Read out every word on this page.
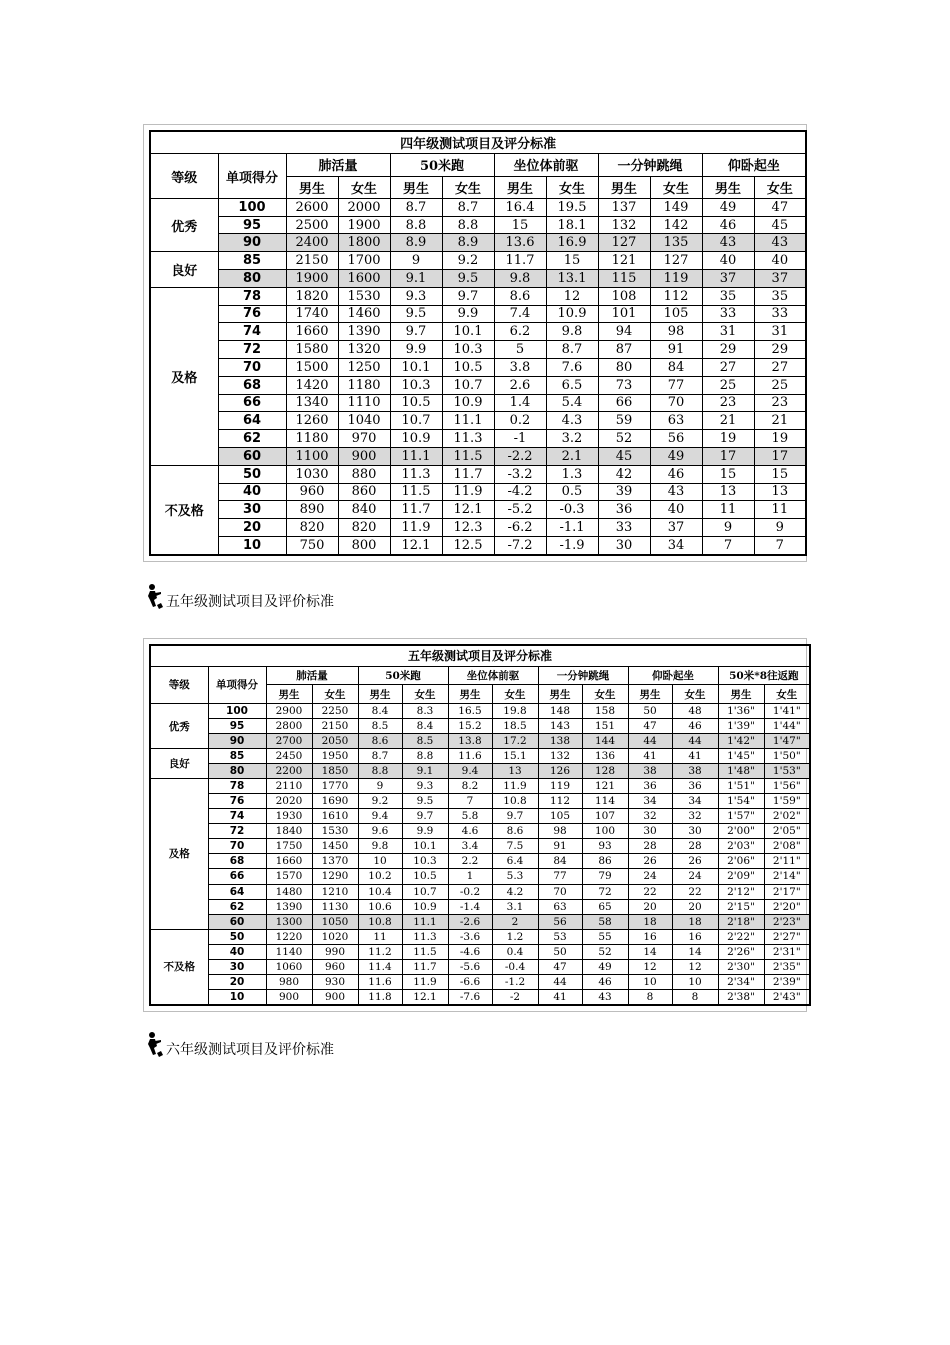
四年级测试项目及评分标准											
等级	单项得分	肺活量		50米跑		坐位体前驱		一分钟跳绳		仰卧起坐	
		男生	女生	男生	女生	男生	女生	男生	女生	男生	女生
优秀	100	2600	2000	8.7	8.7	16.4	19.5	137	149	49	47
	95	2500	1900	8.8	8.8	15	18.1	132	142	46	45
	90	2400	1800	8.9	8.9	13.6	16.9	127	135	43	43
良好	85	2150	1700	9	9.2	11.7	15	121	127	40	40
	80	1900	1600	9.1	9.5	9.8	13.1	115	119	37	37
及格	78	1820	1530	9.3	9.7	8.6	12	108	112	35	35
	76	1740	1460	9.5	9.9	7.4	10.9	101	105	33	33
	74	1660	1390	9.7	10.1	6.2	9.8	94	98	31	31
	72	1580	1320	9.9	10.3	5	8.7	87	91	29	29
	70	1500	1250	10.1	10.5	3.8	7.6	80	84	27	27
	68	1420	1180	10.3	10.7	2.6	6.5	73	77	25	25
	66	1340	1110	10.5	10.9	1.4	5.4	66	70	23	23
	64	1260	1040	10.7	11.1	0.2	4.3	59	63	21	21
	62	1180	970	10.9	11.3	-1	3.2	52	56	19	19
	60	1100	900	11.1	11.5	-2.2	2.1	45	49	17	17
不及格	50	1030	880	11.3	11.7	-3.2	1.3	42	46	15	15
	40	960	860	11.5	11.9	-4.2	0.5	39	43	13	13
	30	890	840	11.7	12.1	-5.2	-0.3	36	40	11	11
	20	820	820	11.9	12.3	-6.2	-1.1	33	37	9	9
	10	750	800	12.1	12.5	-7.2	-1.9	30	34	7	7
五年级测试项目及评价标准
五年级测试项目及评分标准													
等级	单项得分	肺活量		50米跑		坐位体前驱		一分钟跳绳		仰卧起坐		50米*8往返跑	
		男生	女生	男生	女生	男生	女生	男生	女生	男生	女生	男生	女生
优秀	100	2900	2250	8.4	8.3	16.5	19.8	148	158	50	48	1'36"	1'41"
	95	2800	2150	8.5	8.4	15.2	18.5	143	151	47	46	1'39"	1'44"
	90	2700	2050	8.6	8.5	13.8	17.2	138	144	44	44	1'42"	1'47"
良好	85	2450	1950	8.7	8.8	11.6	15.1	132	136	41	41	1'45"	1'50"
	80	2200	1850	8.8	9.1	9.4	13	126	128	38	38	1'48"	1'53"
及格	78	2110	1770	9	9.3	8.2	11.9	119	121	36	36	1'51"	1'56"
	76	2020	1690	9.2	9.5	7	10.8	112	114	34	34	1'54"	1'59"
	74	1930	1610	9.4	9.7	5.8	9.7	105	107	32	32	1'57"	2'02"
	72	1840	1530	9.6	9.9	4.6	8.6	98	100	30	30	2'00"	2'05"
	70	1750	1450	9.8	10.1	3.4	7.5	91	93	28	28	2'03"	2'08"
	68	1660	1370	10	10.3	2.2	6.4	84	86	26	26	2'06"	2'11"
	66	1570	1290	10.2	10.5	1	5.3	77	79	24	24	2'09"	2'14"
	64	1480	1210	10.4	10.7	-0.2	4.2	70	72	22	22	2'12"	2'17"
	62	1390	1130	10.6	10.9	-1.4	3.1	63	65	20	20	2'15"	2'20"
	60	1300	1050	10.8	11.1	-2.6	2	56	58	18	18	2'18"	2'23"
不及格	50	1220	1020	11	11.3	-3.6	1.2	53	55	16	16	2'22"	2'27"
	40	1140	990	11.2	11.5	-4.6	0.4	50	52	14	14	2'26"	2'31"
	30	1060	960	11.4	11.7	-5.6	-0.4	47	49	12	12	2'30"	2'35"
	20	980	930	11.6	11.9	-6.6	-1.2	44	46	10	10	2'34"	2'39"
	10	900	900	11.8	12.1	-7.6	-2	41	43	8	8	2'38"	2'43"
六年级测试项目及评价标准
